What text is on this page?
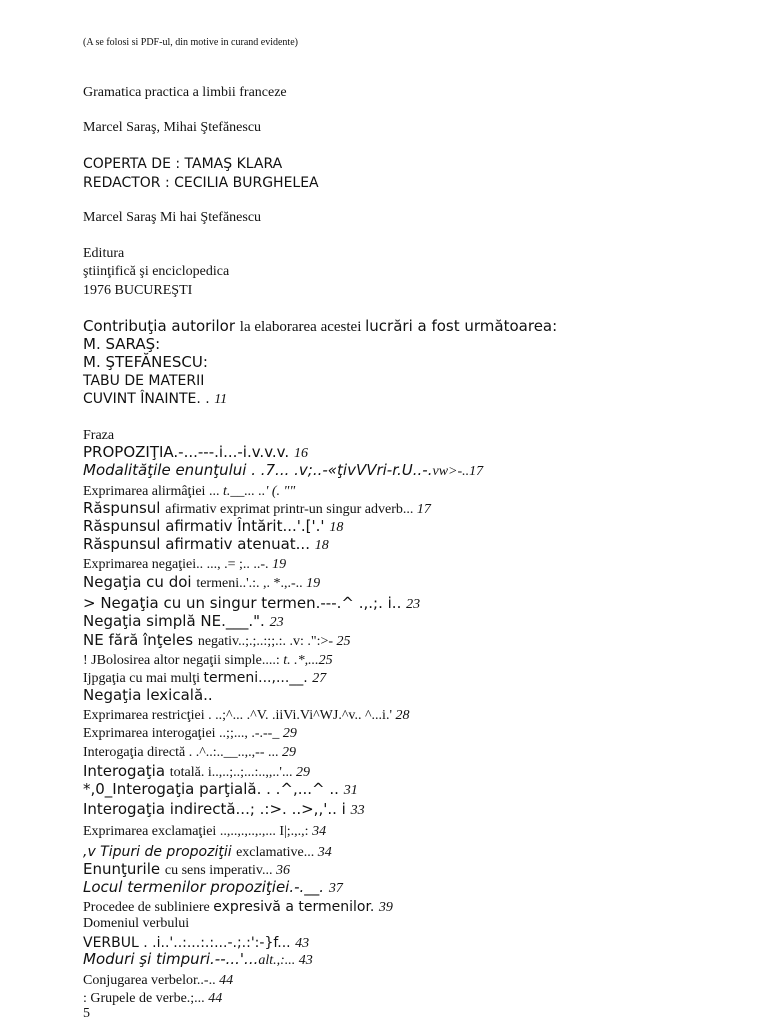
(A se folosi si PDF-ul, din motive in curand evidente)
Gramatica practica a limbii franceze
Marcel Saraş, Mihai Ştefănescu
COPERTA DE : TAMAŞ KLARA
REDACTOR : CECILIA BURGHELEA
Marcel Saraş Mi hai Ştefănescu
Editura
ştiinţifică şi enciclopedica
1976 BUCUREŞTI
Contribuţia autorilor la elaborarea acestei lucrări a fost următoarea:
M. SARAŞ:
M. ŞTEFĂNESCU:
TABU DE MATERII
CUVINT ÎNAINTE. . 11
Fraza
PROPOZIŢIA.-...---.i...-i.v.v.v. 16
Modalităţile enunţului . .7... .v;..-«ţivVVri-r.U..-.vw>-..17
Exprimarea alirmâţiei ... t.__... ..' (. ""
Răspunsul afirmativ exprimat printr-un singur adverb... 17
Răspunsul afirmativ Întărit...'.['.' 18
Răspunsul afirmativ atenuat... 18
Exprimarea negaţiei.. ..., .= ;.. ..-. 19
Negaţia cu doi termeni..'.:. ,. *.,.-.. 19
> Negaţia cu un singur termen.---.^ .,.;. i.. 23
Negaţia simplă NE.___.". 23
NE fără înţeles negativ..;.;..:;;.:. .v: .":>- 25
! JBolosirea altor negaţii simple....: t. .*,...25
Ijpgaţia cu mai mulţi termeni...,...__. 27
Negaţia lexicală..
Exprimarea restricţiei . ..;^... .^V. .iiVi.Vi^WJ.^v.. ^...i.' 28
Exprimarea interogaţiei ..;;..., .-.--_ 29
Interogaţia directă . .^..:..__..,.,-- ... 29
Interogaţia totală. i..,..;..;...:..,,..'... 29
*,0_Interogaţia parţială. . .^,...^ .. 31
Interogaţia indirectă...; .:>. ..>,,'.. i 33
Exprimarea exclamaţiei ..,..,.,..,.,... I|;.,.,: 34
,v Tipuri de propoziţii exclamative... 34
Enunţurile cu sens imperativ... 36
Locul termenilor propoziţiei.-.__. 37
Procedee de subliniere expresivă a termenilor. 39
Domeniul verbului
VERBUL . .i..'..:...:.:...-.;.:':-}f... 43
Moduri şi timpuri.--...'...alt.,:... 43
Conjugarea verbelor..-.. 44
: Grupele de verbe.;... 44
5
